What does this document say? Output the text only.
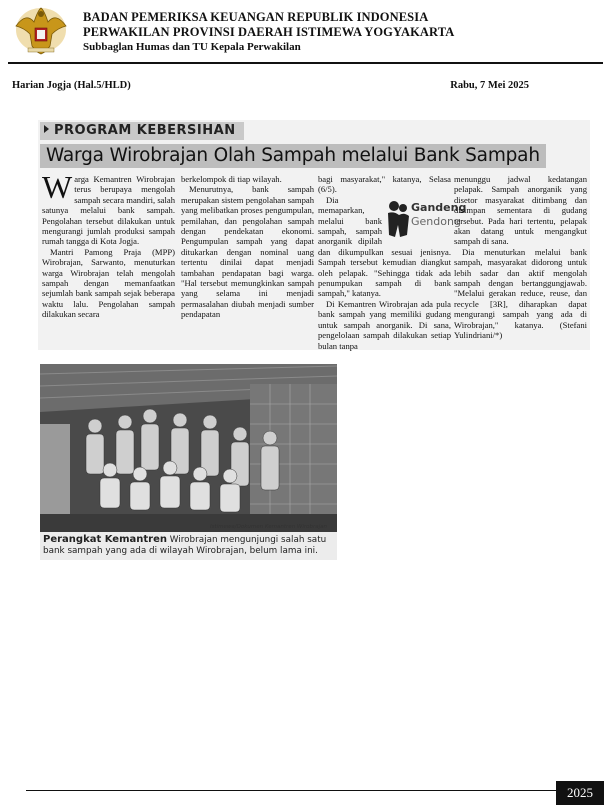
BADAN PEMERIKSA KEUANGAN REPUBLIK INDONESIA
PERWAKILAN PROVINSI DAERAH ISTIMEWA YOGYAKARTA
Subbaglan Humas dan TU Kepala Perwakilan
Harian Jogja (Hal.5/HLD)	Rabu, 7 Mei 2025
PROGRAM KEBERSIHAN
Warga Wirobrajan Olah Sampah melalui Bank Sampah
W arga Kemantren Wirobrajan terus berupaya mengolah sampah secara mandiri, salah satunya melalui bank sampah. Pengolahan tersebut dilakukan untuk mengurangi jumlah produksi sampah rumah tangga di Kota Jogja.

Mantri Pamong Praja (MPP) Wirobrajan, Sarwanto, menuturkan warga Wirobrajan telah mengolah sampah dengan memanfaatkan sejumlah bank sampah sejak beberapa waktu lalu. Pengolahan sampah dilakukan secara

berkelompok di tiap wilayah.

Menurutnya, bank sampah merupakan sistem pengolahan sampah yang melibatkan proses pengumpulan, pemilahan, dan pengolahan sampah dengan pendekatan ekonomi. Pengumpulan sampah yang dapat ditukarkan dengan nominal uang tertentu dinilai dapat menjadi tambahan pendapatan bagi warga. "Hal tersebut memungkinkan sampah yang selama ini menjadi permasalahan diubah menjadi sumber pendapatan

bagi masyarakat," katanya, Selasa (6/5).

Gandeng
Gendong

Dia memaparkan, melalui bank sampah, sampah anorganik dipilah dan dikumpulkan sesuai jenisnya. Sampah tersebut kemudian diangkut oleh pelapak. "Sehingga tidak ada penumpukan sampah di bank sampah," katanya.

Di Kemantren Wirobrajan ada pula bank sampah yang memiliki gudang untuk sampah anorganik. Di sana, pengelolaan sampah dilakukan setiap bulan tanpa

menunggu jadwal kedatangan pelapak. Sampah anorganik yang disetor masyarakat ditimbang dan disimpan sementara di gudang tersebut. Pada hari tertentu, pelapak akan datang untuk mengangkut sampah di sana.

Dia menuturkan melalui bank sampah, masyarakat didorong untuk lebih sadar dan aktif mengolah sampah dengan bertanggungjawab. "Melalui gerakan reduce, reuse, dan recycle [3R], diharapkan dapat mengurangi sampah yang ada di Wirobrajan," katanya. (Stefani Yulindriani/*)

Istimewa/Dokumen Kemantren Wirobrajan
Perangkat Kemantren Wirobrajan mengunjungi salah satu bank sampah yang ada di wilayah Wirobrajan, belum lama ini.
2025
